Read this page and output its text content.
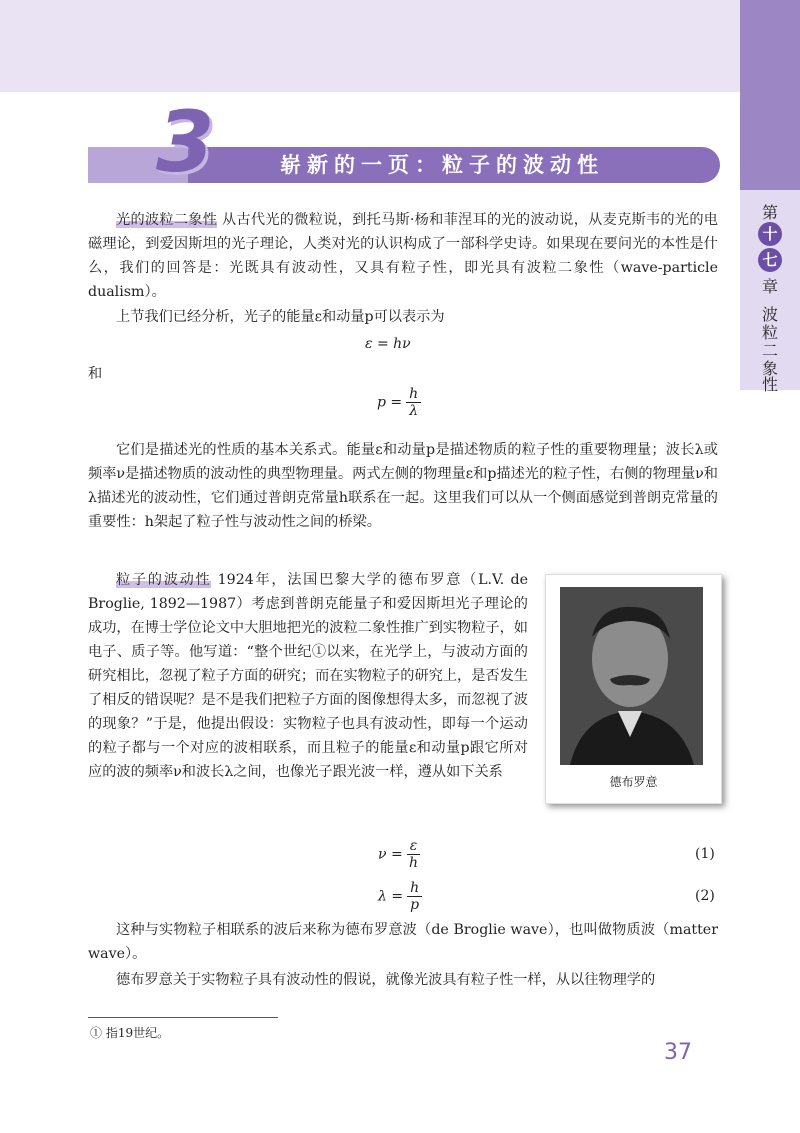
第
十
七
章
波
粒
二
象
性
3	崭新的一页：粒子的波动性
光的波粒二象性 从古代光的微粒说，到托马斯·杨和菲涅耳的光的波动说，从麦克斯韦的光的电磁理论，到爱因斯坦的光子理论，人类对光的认识构成了一部科学史诗。如果现在要问光的本性是什么，我们的回答是：光既具有波动性，又具有粒子性，即光具有波粒二象性（wave-particle dualism）。
上节我们已经分析，光子的能量ε和动量p可以表示为
ε = hν
和
$p = \frac{h}{\lambda}$
它们是描述光的性质的基本关系式。能量ε和动量p是描述物质的粒子性的重要物理量；波长λ或频率ν是描述物质的波动性的典型物理量。两式左侧的物理量ε和p描述光的粒子性，右侧的物理量ν和λ描述光的波动性，它们通过普朗克常量h联系在一起。这里我们可以从一个侧面感觉到普朗克常量的重要性：h架起了粒子性与波动性之间的桥梁。
粒子的波动性 1924年，法国巴黎大学的德布罗意（L.V. de Broglie, 1892—1987）考虑到普朗克能量子和爱因斯坦光子理论的成功，在博士学位论文中大胆地把光的波粒二象性推广到实物粒子，如电子、质子等。他写道：“整个世纪①以来，在光学上，与波动方面的研究相比，忽视了粒子方面的研究；而在实物粒子的研究上，是否发生了相反的错误呢？是不是我们把粒子方面的图像想得太多，而忽视了波的现象？”于是，他提出假设：实物粒子也具有波动性，即每一个运动的粒子都与一个对应的波相联系，而且粒子的能量ε和动量p跟它所对应的波的频率ν和波长λ之间，也像光子跟光波一样，遵从如下关系
德布罗意
$\nu = \frac{\varepsilon}{h}$	(1)
$\lambda = \frac{h}{p}$	(2)
这种与实物粒子相联系的波后来称为德布罗意波（de Broglie wave），也叫做物质波（matter wave）。
德布罗意关于实物粒子具有波动性的假说，就像光波具有粒子性一样，从以往物理学的
① 指19世纪。
37
